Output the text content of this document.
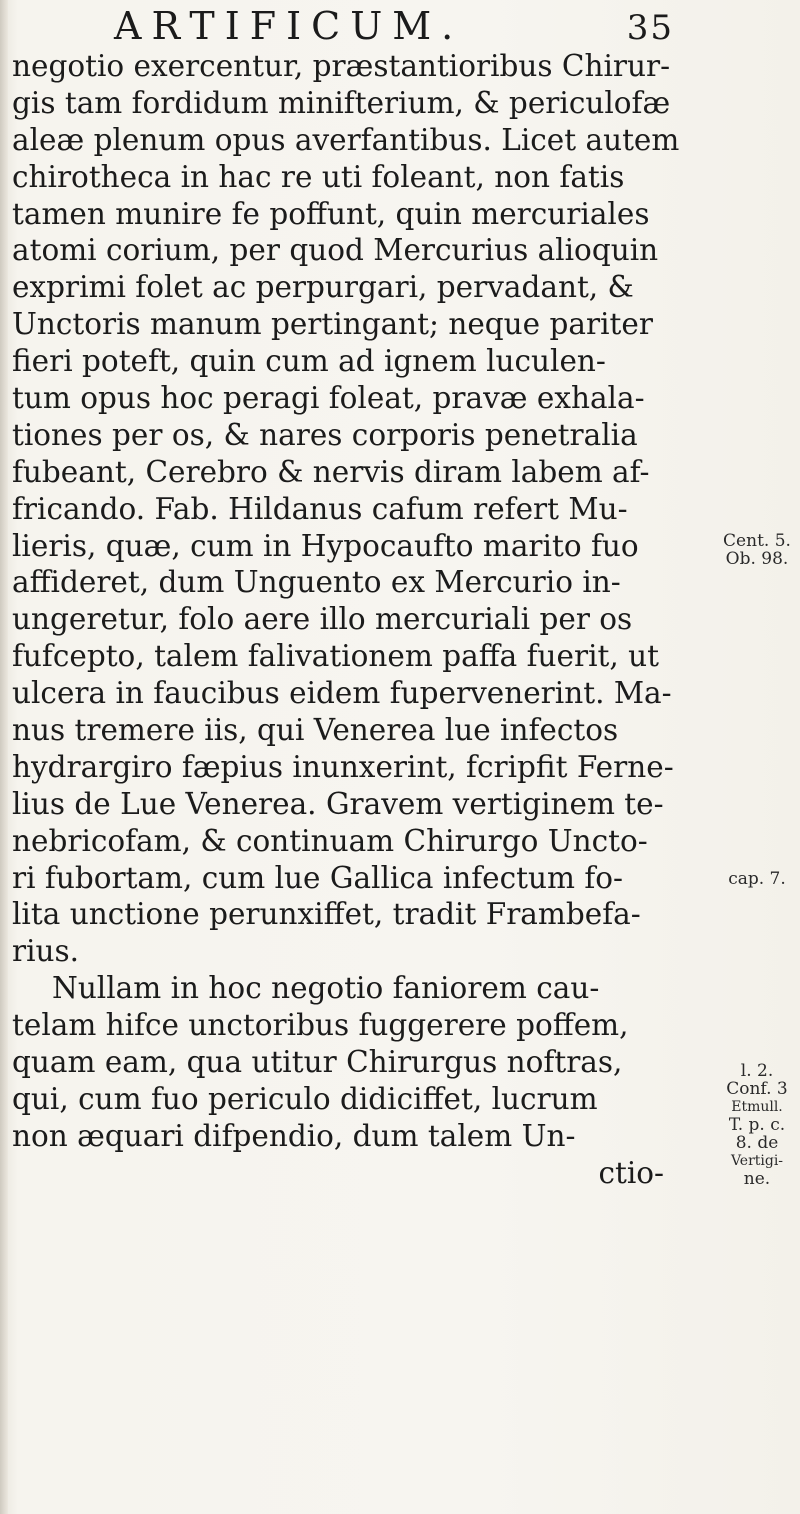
ARTIFICUM.	35
negotio exercentur, præstantioribus Chirur-
gis tam fordidum minifterium, & periculofæ
aleæ plenum opus averfantibus. Licet autem
chirotheca in hac re uti foleant, non fatis
tamen munire fe poffunt, quin mercuriales
atomi corium, per quod Mercurius alioquin
exprimi folet ac perpurgari, pervadant, &
Unctoris manum pertingant; neque pariter
fieri poteft, quin cum ad ignem luculen-
tum opus hoc peragi foleat, pravæ exhala-
tiones per os, & nares corporis penetralia
fubeant, Cerebro & nervis diram labem af-
fricando. Fab. Hildanus cafum refert Mu-
lieris, quæ, cum in Hypocaufto marito fuo
affideret, dum Unguento ex Mercurio in-
ungeretur, folo aere illo mercuriali per os
fufcepto, talem falivationem paffa fuerit, ut
ulcera in faucibus eidem fupervenerint. Ma-
nus tremere iis, qui Venerea lue infectos
hydrargiro fæpius inunxerint, fcripfit Ferne-
lius de Lue Venerea. Gravem vertiginem te-
nebricofam, & continuam Chirurgo Uncto-
ri fubortam, cum lue Gallica infectum fo-
lita unctione perunxiffet, tradit Frambefa-
rius.
Nullam in hoc negotio faniorem cau-
telam hifce unctoribus fuggerere poffem,
quam eam, qua utitur Chirurgus noftras,
qui, cum fuo periculo didiciffet, lucrum
non æquari difpendio, dum talem Un-
ctio-
Cent. 5.
Ob. 98.
cap. 7.
l. 2.
Conf. 3
Etmull.
T. p. c.
8. de
Vertigi-
ne.
